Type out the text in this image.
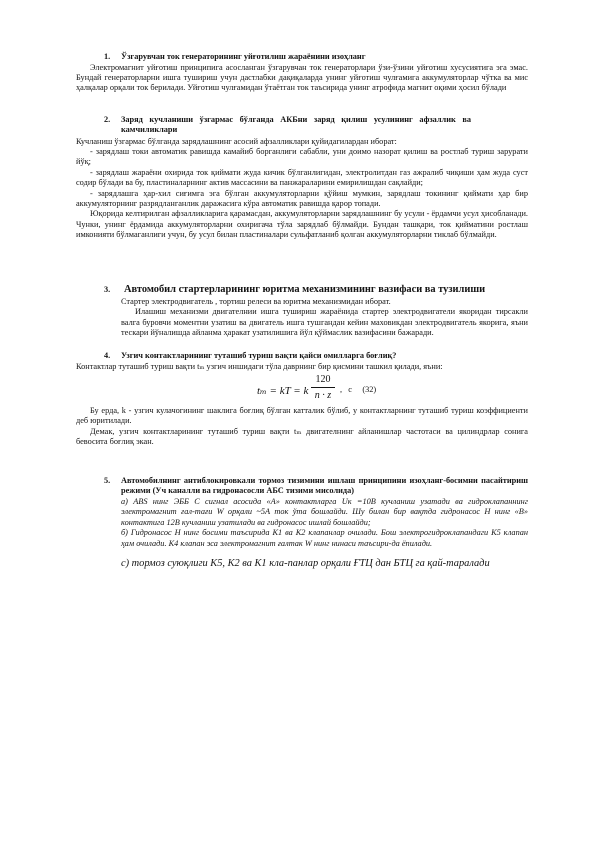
1. Ўзгарувчан ток генераторининг уйғотилиш жараёнини изоҳланг
Электромагнит уйғотиш принципига асосланган ўзгарувчан ток генераторлари ўзи-ўзини уйғотиш хусусиятига эга эмас. Бундай генераторларни ишга тушириш учун дастлабки дақиқаларда унинг уйғотиш чулғамига аккумуляторлар чўтка ва мис ҳалқалар орқали ток берилади. Уйғотиш чулғамидан ўтаётган ток таъсирида унинг атрофида магнит оқими ҳосил бўлади
2. Заряд кучланиши ўзгармас бўлганда АКБни заряд қилиш усулининг афзаллик ва камчиликлари

Кучланиш ўзгармас бўлганда зарядлашнинг асосий афзалликлари қуйидагилардан иборат:

- зарядлаш токи автоматик равишда камайиб борганлиги сабабли, уни доимо назорат қилиш ва ростлаб туриш зарурати йўқ;

- зарядлаш жараёни охирида ток қиймати жуда кичик бўлганлигидан, электролитдан газ ажралиб чиқиши ҳам жуда суст содир бўлади ва бу, пластиналарнинг актив массасини ва панжараларини емирилишдан сақлайди;

- зарядлашга ҳар-хил сиғимга эга бўлган аккумуляторларни қўйиш мумкин, зарядлаш токининг қиймати ҳар бир аккумуляторнинг разрядланганлик даражасига кўра автоматик равишда қарор топади.

Юқорида келтирилган афзалликларига қарамасдан, аккумуляторларни зарядлашнинг бу усули - ёрдамчи усул ҳисобланади. Чунки, унинг ёрдамида аккумуляторларни охиригача тўла зарядлаб бўлмайди. Бундан ташқари, ток қийматини ростлаш имконияти бўлмаганлиги учун, бу усул билан пластиналари сульфатланиб қолган аккумуляторларни тиклаб бўлмайди.

3. Автомобил стартерларининг юритма механизмининг вазифаси ва тузилиши

Стартер электродвигатель , тортиш релеси ва юритма механизмидан иборат.

Илашиш механизми двигателнии ишга тушириш жараёнида стартер электродвигатели якоридан тирсакли валга буровчи моментни узатиш ва двигатель ишга тушгандан кейин маховикдан электродвигатель якорига, яъни тескари йўналишда айланма ҳаракат узатилишига йўл қўймаслик вазифасини бажаради.

4. Узгич контактларининг туташиб туриш вақти қайси омилларга боғлиқ?
Контактлар туташиб туриш вақти tₘ узгич иншидаги тўла даврнинг бир қисмини ташкил қилади, яъни:
tₘ = kT = k
120
n · z
,   c     (32)

Бу ерда, k - узгич кулачогининг шаклига боғлиқ бўлган катталик бўлиб, у контактларнинг туташиб туриш коэффициенти деб юритилади.

Демак, узгич контактларининг туташиб туриш вақти tₘ двигателнинг айланишлар частотаси ва цилиндрлар сонига бевосита боғлиқ экан.

5. Автомобилнинг антиблокировкали тормоз тизимини ишлаш принципини изоҳланг-босимни пасайтириш режими (Уч каналли ва гидронасосли АБС тизими мисолида)

а) ABS нинг ЭББ С сигнал асосида «А» контактларга Uк =10В кучланиш узатади ва гидроклапаннинг электромагнит ғал-тағи W орқали ~5А ток ўта бошлайди. Шу билан бир вақтда гидронасос Н нинг «В» контактига 12В кучланиш узатилади ва гидронасос ишлай бошлайди;

б) Гидронасос Н нинг босими таъсирида К1 ва К2 клапанлар очилади. Бош электрогидроклапандаги К5 клапан ҳам очилади. К4 клапан эса электромагнит ғалтак W нинг нинаси таъсири-да ёпилади.

с) тормоз суюқлиги К5, К2 ва К1 кла-панлар орқали ҒТЦ дан БТЦ га қай-таралади
